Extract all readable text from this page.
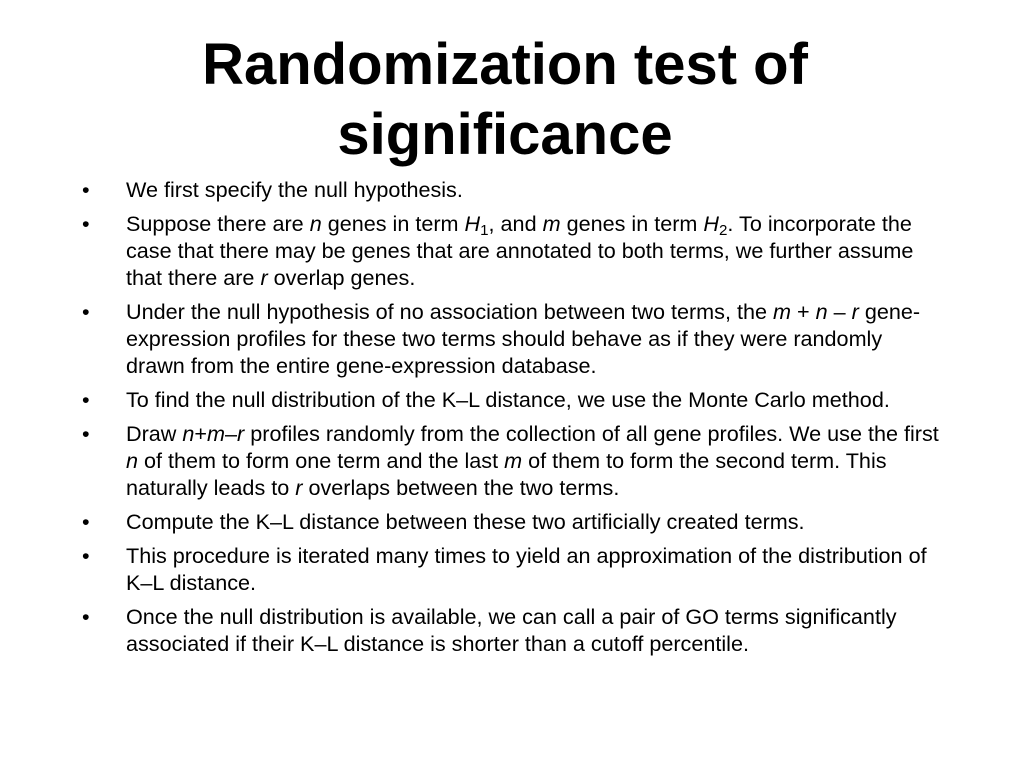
Randomization test of
significance
•	We first specify the null hypothesis.
•	Suppose there are n genes in term $H_1$, and m genes in term $H_2$. To incorporate the case that there may be genes that are annotated to both terms, we further assume that there are r overlap genes.
•	Under the null hypothesis of no association between two terms, the m + n – r gene-expression profiles for these two terms should behave as if they were randomly drawn from the entire gene-expression database.
•	To find the null distribution of the K–L distance, we use the Monte Carlo method.
•	Draw n+m–r profiles randomly from the collection of all gene profiles. We use the first n of them to form one term and the last m of them to form the second term. This naturally leads to r overlaps between the two terms.
•	Compute the K–L distance between these two artificially created terms.
•	This procedure is iterated many times to yield an approximation of the distribution of K–L distance.
•	Once the null distribution is available, we can call a pair of GO terms significantly associated if their K–L distance is shorter than a cutoff percentile.
